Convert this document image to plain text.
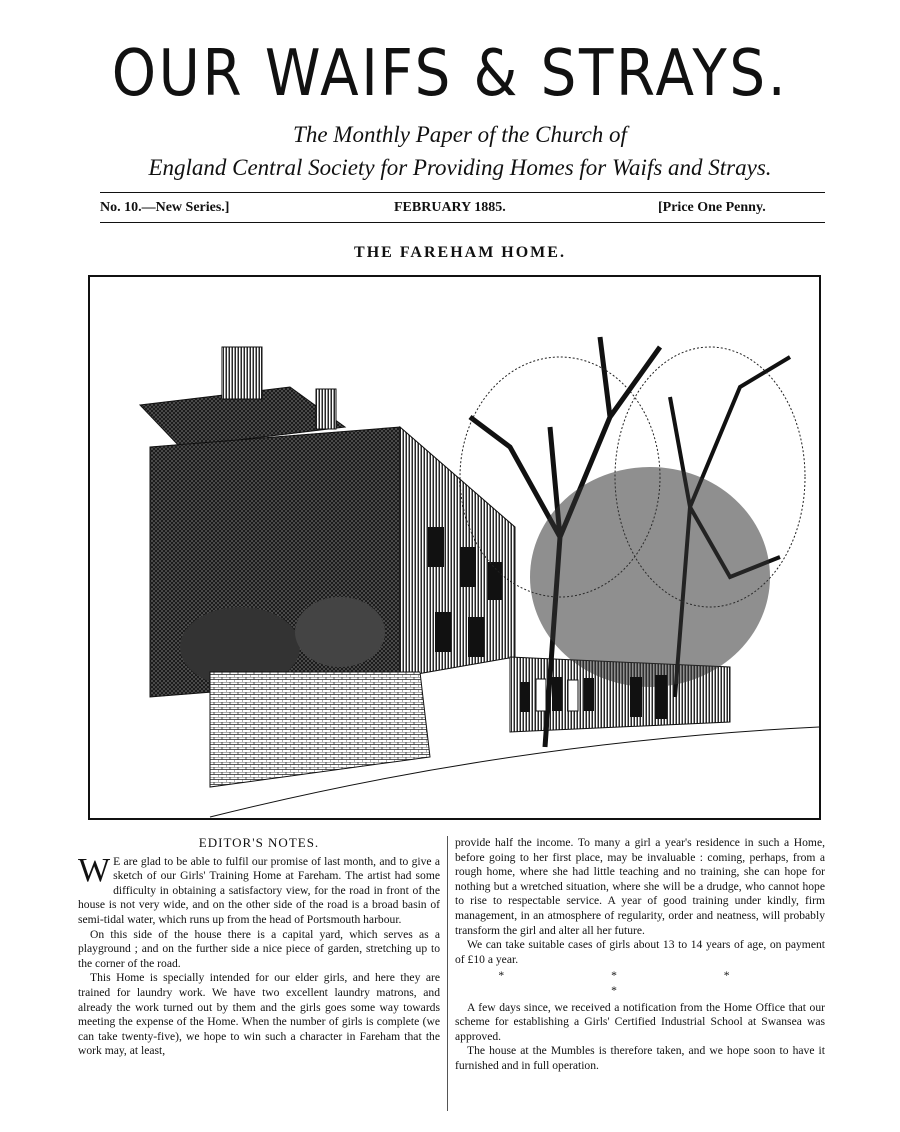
OUR WAIFS & STRAYS.
The Monthly Paper of the Church of
England Central Society for Providing Homes for Waifs and Strays.
No. 10.—New Series.]	FEBRUARY 1885.	[Price One Penny.
THE FAREHAM HOME.

EDITOR'S NOTES.

W E are glad to be able to fulfil our promise of last month, and to give a sketch of our Girls' Training Home at Fareham. The artist had some difficulty in obtaining a satisfactory view, for the road in front of the house is not very wide, and on the other side of the road is a broad basin of semi-tidal water, which runs up from the head of Portsmouth harbour.

On this side of the house there is a capital yard, which serves as a playground ; and on the further side a nice piece of garden, stretching up to the corner of the road.

This Home is specially intended for our elder girls, and here they are trained for laundry work. We have two excellent laundry matrons, and already the work turned out by them and the girls goes some way towards meeting the expense of the Home. When the number of girls is complete (we can take twenty-five), we hope to win such a character in Fareham that the work may, at least,

provide half the income. To many a girl a year's residence in such a Home, before going to her first place, may be invaluable : coming, perhaps, from a rough home, where she had little teaching and no training, she can hope for nothing but a wretched situation, where she will be a drudge, who cannot hope to rise to respectable service. A year of good training under kindly, firm management, in an atmosphere of regularity, order and neatness, will probably transform the girl and alter all her future.

We can take suitable cases of girls about 13 to 14 years of age, on payment of £10 a year.

* * * *

A few days since, we received a notification from the Home Office that our scheme for establishing a Girls' Certified Industrial School at Swansea was approved.

The house at the Mumbles is therefore taken, and we hope soon to have it furnished and in full operation.
